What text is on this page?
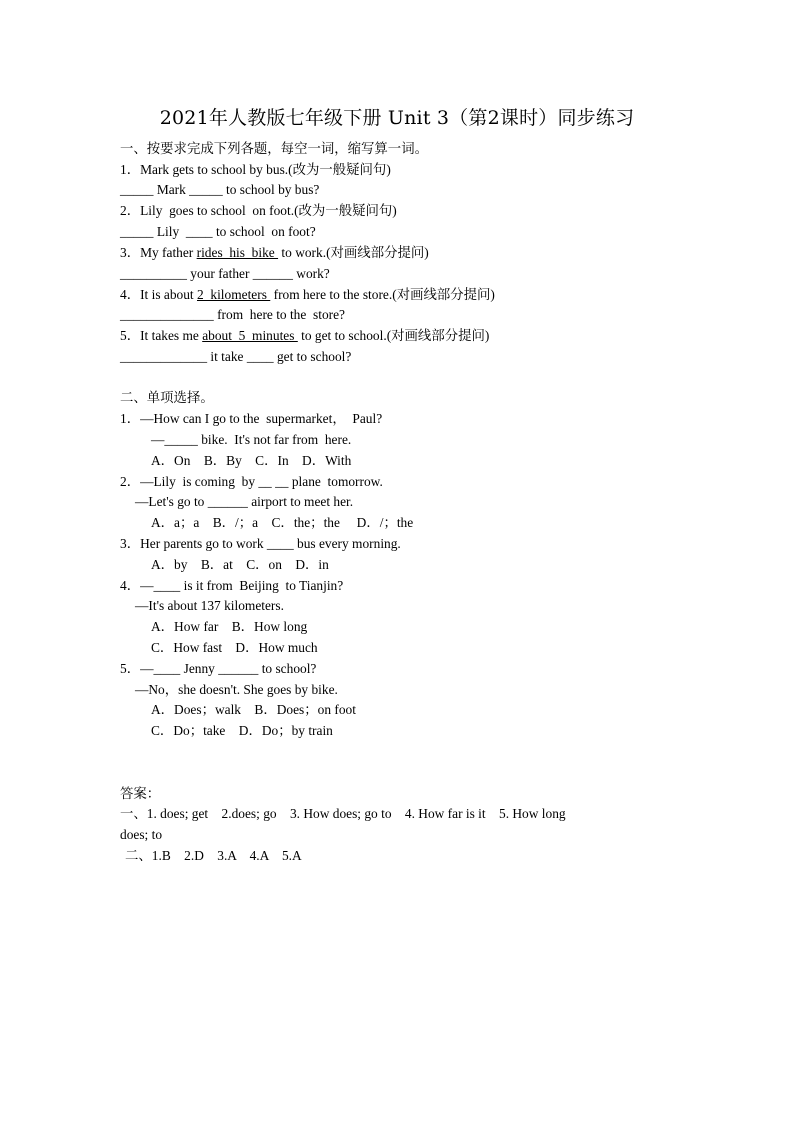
2021年人教版七年级下册 Unit 3（第2课时）同步练习
一、按要求完成下列各题，每空一词，缩写算一词。
1．Mark gets to school by bus.(改为一般疑问句)
_____ Mark _____ to school by bus?
2．Lily  goes to school  on foot.(改为一般疑问句)
_____ Lily  ____ to school  on foot?
3．My father rides  his  bike  to work.(对画线部分提问)
__________ your father ______ work?
4．It is about 2  kilometers  from here to the store.(对画线部分提问)
______________ from  here to the  store?
5．It takes me about  5  minutes  to get to school.(对画线部分提问)
_____________ it take ____ get to school?
二、单项选择。
1．—How can I go to the  supermarket，  Paul?
—_____ bike.  It's not far from  here.
A．On    B．By    C．In    D．With
2．—Lily  is coming  by __ __ plane  tomorrow.
—Let's go to ______ airport to meet her.
A．a；a    B．/；a    C．the；the     D．/；the
3．Her parents go to work ____ bus every morning.
A．by    B．at    C．on    D．in
4．—____ is it from  Beijing  to Tianjin?
—It's about 137 kilometers.
A．How far    B．How long
C．How fast    D．How much
5．—____ Jenny ______ to school?
—No，she doesn't. She goes by bike.
A．Does；walk    B．Does；on foot
C．Do；take    D．Do；by train
答案：
一、1. does; get    2.does; go    3. How does; go to    4. How far is it    5. How long
does; to
二、1.B    2.D    3.A    4.A    5.A
